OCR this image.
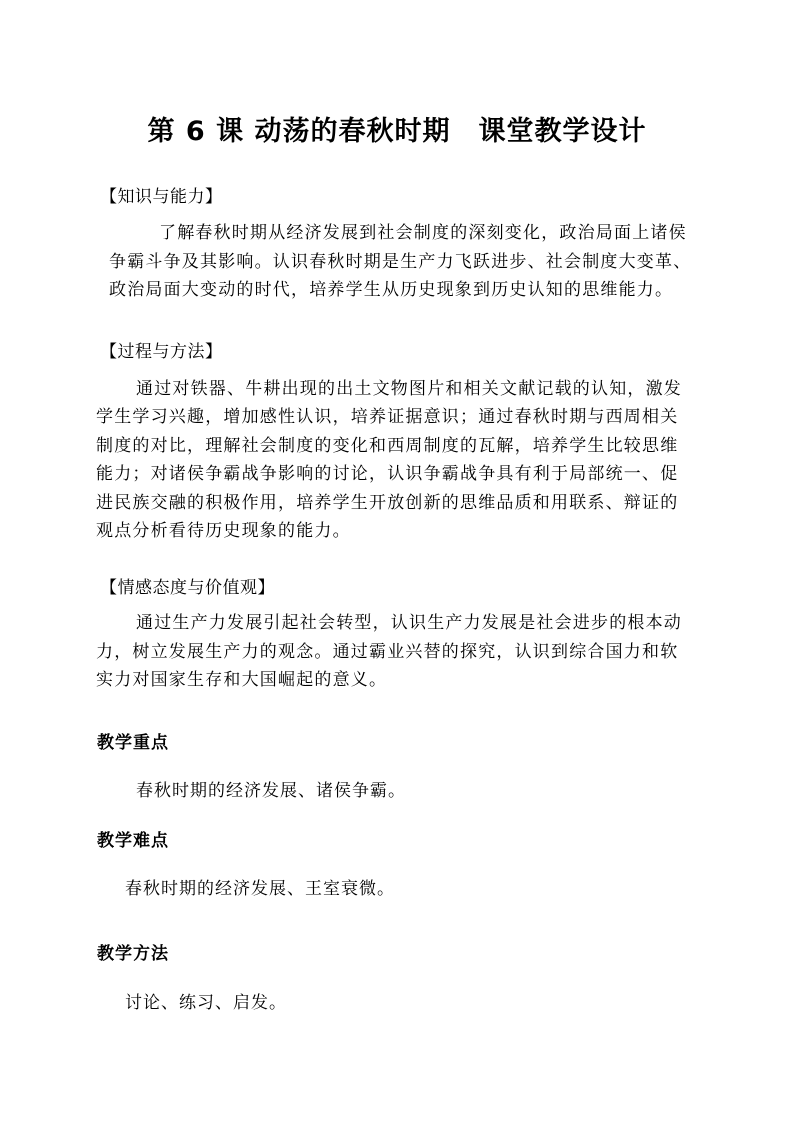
第 6 课 动荡的春秋时期　课堂教学设计
【知识与能力】
了解春秋时期从经济发展到社会制度的深刻变化，政治局面上诸侯争霸斗争及其影响。认识春秋时期是生产力飞跃进步、社会制度大变革、政治局面大变动的时代，培养学生从历史现象到历史认知的思维能力。
【过程与方法】
通过对铁器、牛耕出现的出土文物图片和相关文献记载的认知，激发学生学习兴趣，增加感性认识，培养证据意识；通过春秋时期与西周相关制度的对比，理解社会制度的变化和西周制度的瓦解，培养学生比较思维能力；对诸侯争霸战争影响的讨论，认识争霸战争具有利于局部统一、促进民族交融的积极作用，培养学生开放创新的思维品质和用联系、辩证的观点分析看待历史现象的能力。
【情感态度与价值观】
通过生产力发展引起社会转型，认识生产力发展是社会进步的根本动力，树立发展生产力的观念。通过霸业兴替的探究，认识到综合国力和软实力对国家生存和大国崛起的意义。
教学重点
春秋时期的经济发展、诸侯争霸。
教学难点
春秋时期的经济发展、王室衰微。
教学方法
讨论、练习、启发。
